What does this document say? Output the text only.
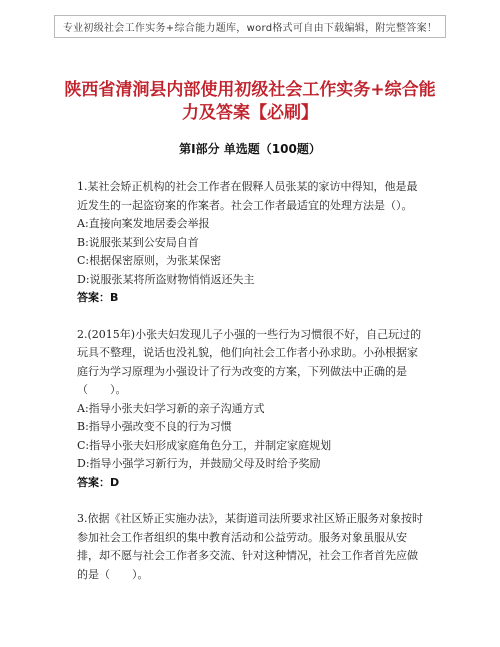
专业初级社会工作实务+综合能力题库，word格式可自由下载编辑，附完整答案！
陕西省清涧县内部使用初级社会工作实务+综合能力及答案【必刷】
第I部分 单选题（100题）

1.某社会矫正机构的社会工作者在假释人员张某的家访中得知，他是最近发生的一起盗窃案的作案者。社会工作者最适宜的处理方法是（）。

A:直接向案发地居委会举报

B:说服张某到公安局自首

C:根据保密原则，为张某保密

D:说服张某将所盗财物悄悄返还失主

答案：B

2.(2015年)小张夫妇发现儿子小强的一些行为习惯很不好，自己玩过的玩具不整理，说话也没礼貌，他们向社会工作者小孙求助。小孙根据家庭行为学习原理为小强设计了行为改变的方案，下列做法中正确的是（　　）。

A:指导小张夫妇学习新的亲子沟通方式

B:指导小强改变不良的行为习惯

C:指导小张夫妇形成家庭角色分工，并制定家庭规划

D:指导小强学习新行为，并鼓励父母及时给予奖励

答案：D

3.依据《社区矫正实施办法》，某街道司法所要求社区矫正服务对象按时参加社会工作者组织的集中教育活动和公益劳动。服务对象虽服从安排，却不愿与社会工作者多交流、针对这种情况，社会工作者首先应做的是（　　）。
